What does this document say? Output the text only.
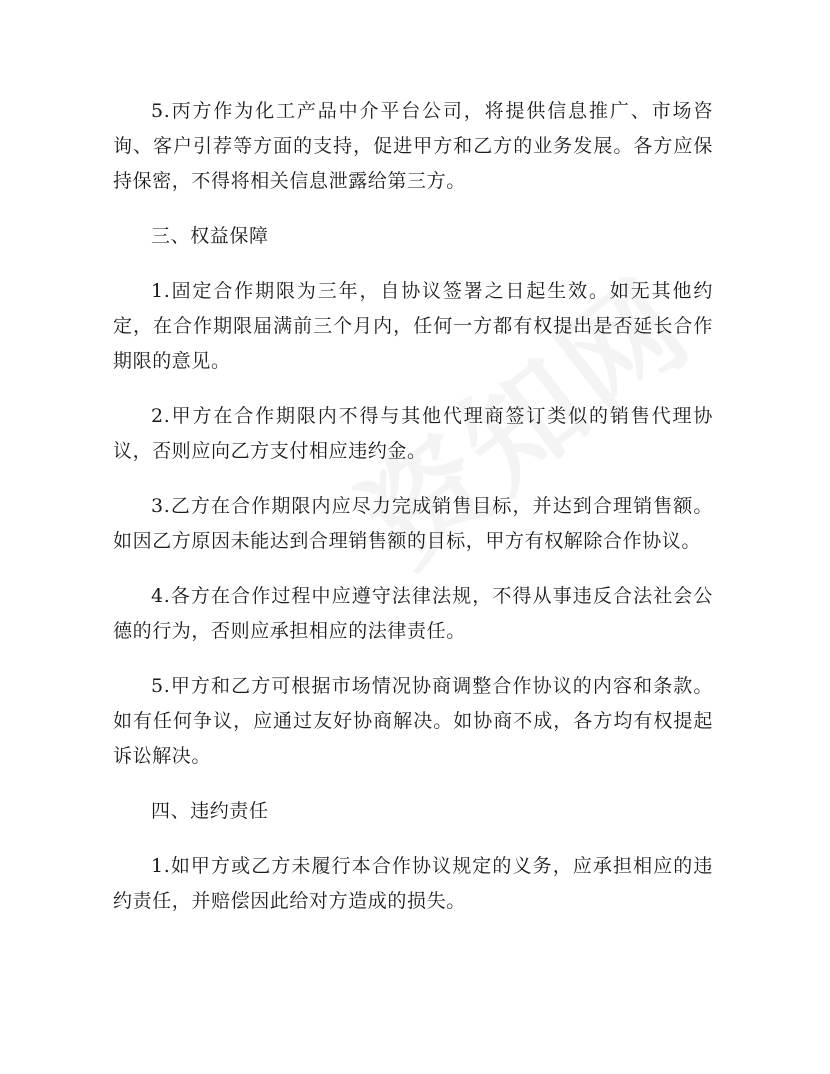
5.丙方作为化工产品中介平台公司，将提供信息推广、市场咨询、客户引荐等方面的支持，促进甲方和乙方的业务发展。各方应保持保密，不得将相关信息泄露给第三方。

三、权益保障

1.固定合作期限为三年，自协议签署之日起生效。如无其他约定，在合作期限届满前三个月内，任何一方都有权提出是否延长合作期限的意见。

2.甲方在合作期限内不得与其他代理商签订类似的销售代理协议，否则应向乙方支付相应违约金。

3.乙方在合作期限内应尽力完成销售目标，并达到合理销售额。如因乙方原因未能达到合理销售额的目标，甲方有权解除合作协议。

4.各方在合作过程中应遵守法律法规，不得从事违反合法社会公德的行为，否则应承担相应的法律责任。

5.甲方和乙方可根据市场情况协商调整合作协议的内容和条款。如有任何争议，应通过友好协商解决。如协商不成，各方均有权提起诉讼解决。

四、违约责任

1.如甲方或乙方未履行本合作协议规定的义务，应承担相应的违约责任，并赔偿因此给对方造成的损失。
